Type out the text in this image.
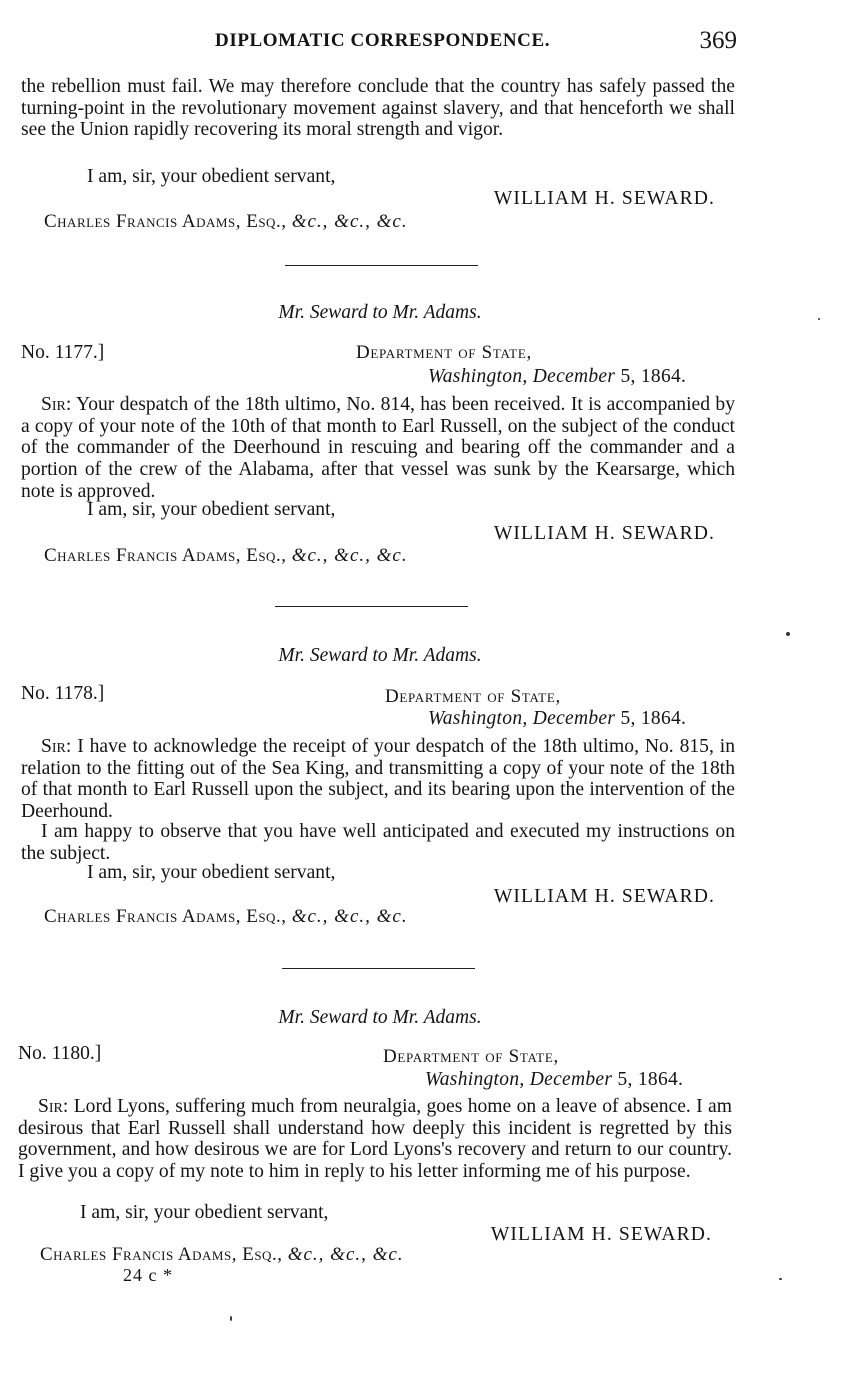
DIPLOMATIC CORRESPONDENCE.	369

the rebellion must fail. We may therefore conclude that the country has safely passed the turning-point in the revolutionary movement against slavery, and that henceforth we shall see the Union rapidly recovering its moral strength and vigor.

I am, sir, your obedient servant,
WILLIAM H. SEWARD.
Charles Francis Adams, Esq., &c., &c., &c.
Mr. Seward to Mr. Adams.
No. 1177.]	Department of State,
Washington, December 5, 1864.

Sir: Your despatch of the 18th ultimo, No. 814, has been received. It is accompanied by a copy of your note of the 10th of that month to Earl Russell, on the subject of the conduct of the commander of the Deerhound in rescuing and bearing off the commander and a portion of the crew of the Alabama, after that vessel was sunk by the Kearsarge, which note is approved.

I am, sir, your obedient servant,
WILLIAM H. SEWARD.
Charles Francis Adams, Esq., &c., &c., &c.
Mr. Seward to Mr. Adams.
No. 1178.]	Department of State,
Washington, December 5, 1864.

Sir: I have to acknowledge the receipt of your despatch of the 18th ultimo, No. 815, in relation to the fitting out of the Sea King, and transmitting a copy of your note of the 18th of that month to Earl Russell upon the subject, and its bearing upon the intervention of the Deerhound.

I am happy to observe that you have well anticipated and executed my instructions on the subject.

I am, sir, your obedient servant,
WILLIAM H. SEWARD.
Charles Francis Adams, Esq., &c., &c., &c.
Mr. Seward to Mr. Adams.
No. 1180.]	Department of State,
Washington, December 5, 1864.

Sir: Lord Lyons, suffering much from neuralgia, goes home on a leave of absence. I am desirous that Earl Russell shall understand how deeply this incident is regretted by this government, and how desirous we are for Lord Lyons's recovery and return to our country. I give you a copy of my note to him in reply to his letter informing me of his purpose.

I am, sir, your obedient servant,
WILLIAM H. SEWARD.
Charles Francis Adams, Esq., &c., &c., &c.
24 c *
